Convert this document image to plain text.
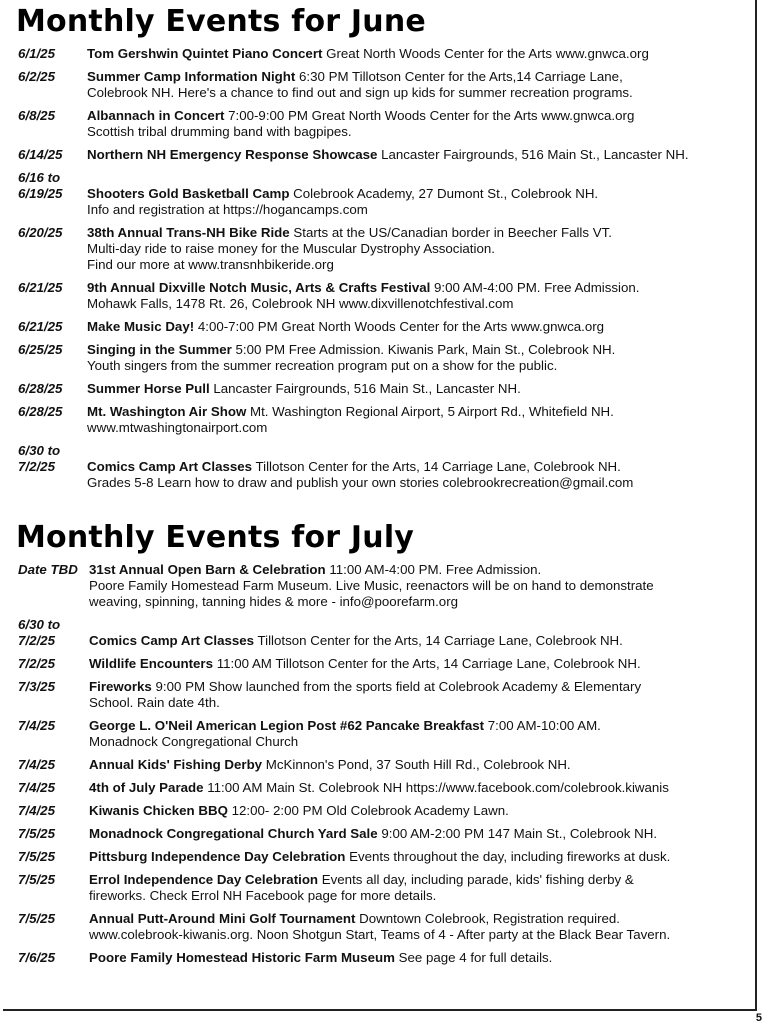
Monthly Events for June
6/1/25	Tom Gershwin Quintet Piano Concert Great North Woods Center for the Arts www.gnwca.org
6/2/25	Summer Camp Information Night 6:30 PM Tillotson Center for the Arts,14 Carriage Lane,
Colebrook NH. Here's a chance to find out and sign up kids for summer recreation programs.
6/8/25	Albannach in Concert 7:00-9:00 PM Great North Woods Center for the Arts www.gnwca.org
Scottish tribal drumming band with bagpipes.
6/14/25	Northern NH Emergency Response Showcase Lancaster Fairgrounds, 516 Main St., Lancaster NH.
6/16 to
6/19/25	Shooters Gold Basketball Camp Colebrook Academy, 27 Dumont St., Colebrook NH.
Info and registration at https://hogancamps.com
6/20/25	38th Annual Trans-NH Bike Ride Starts at the US/Canadian border in Beecher Falls VT.
Multi-day ride to raise money for the Muscular Dystrophy Association.
Find our more at www.transnhbikeride.org
6/21/25	9th Annual Dixville Notch Music, Arts & Crafts Festival 9:00 AM-4:00 PM. Free Admission.
Mohawk Falls, 1478 Rt. 26, Colebrook NH www.dixvillenotchfestival.com
6/21/25	Make Music Day! 4:00-7:00 PM Great North Woods Center for the Arts www.gnwca.org
6/25/25	Singing in the Summer 5:00 PM Free Admission. Kiwanis Park, Main St., Colebrook NH.
Youth singers from the summer recreation program put on a show for the public.
6/28/25	Summer Horse Pull Lancaster Fairgrounds, 516 Main St., Lancaster NH.
6/28/25	Mt. Washington Air Show Mt. Washington Regional Airport, 5 Airport Rd., Whitefield NH.
www.mtwashingtonairport.com
6/30 to
7/2/25	Comics Camp Art Classes Tillotson Center for the Arts, 14 Carriage Lane, Colebrook NH.
Grades 5-8 Learn how to draw and publish your own stories colebrookrecreation@gmail.com
Monthly Events for July
Date TBD 31st Annual Open Barn & Celebration 11:00 AM-4:00 PM. Free Admission.
Poore Family Homestead Farm Museum. Live Music, reenactors will be on hand to demonstrate
weaving, spinning, tanning hides & more - info@poorefarm.org
6/30 to
7/2/25	Comics Camp Art Classes Tillotson Center for the Arts, 14 Carriage Lane, Colebrook NH.
7/2/25	Wildlife Encounters 11:00 AM Tillotson Center for the Arts, 14 Carriage Lane, Colebrook NH.
7/3/25	Fireworks 9:00 PM Show launched from the sports field at Colebrook Academy & Elementary
School. Rain date 4th.
7/4/25	George L. O'Neil American Legion Post #62 Pancake Breakfast 7:00 AM-10:00 AM.
Monadnock Congregational Church
7/4/25	Annual Kids' Fishing Derby McKinnon's Pond, 37 South Hill Rd., Colebrook NH.
7/4/25	4th of July Parade 11:00 AM Main St. Colebrook NH https://www.facebook.com/colebrook.kiwanis
7/4/25	Kiwanis Chicken BBQ 12:00- 2:00 PM Old Colebrook Academy Lawn.
7/5/25	Monadnock Congregational Church Yard Sale 9:00 AM-2:00 PM 147 Main St., Colebrook NH.
7/5/25	Pittsburg Independence Day Celebration Events throughout the day, including fireworks at dusk.
7/5/25	Errol Independence Day Celebration Events all day, including parade, kids' fishing derby &
fireworks. Check Errol NH Facebook page for more details.
7/5/25	Annual Putt-Around Mini Golf Tournament Downtown Colebrook, Registration required.
www.colebrook-kiwanis.org. Noon Shotgun Start, Teams of 4 - After party at the Black Bear Tavern.
7/6/25	Poore Family Homestead Historic Farm Museum See page 4 for full details.
5
